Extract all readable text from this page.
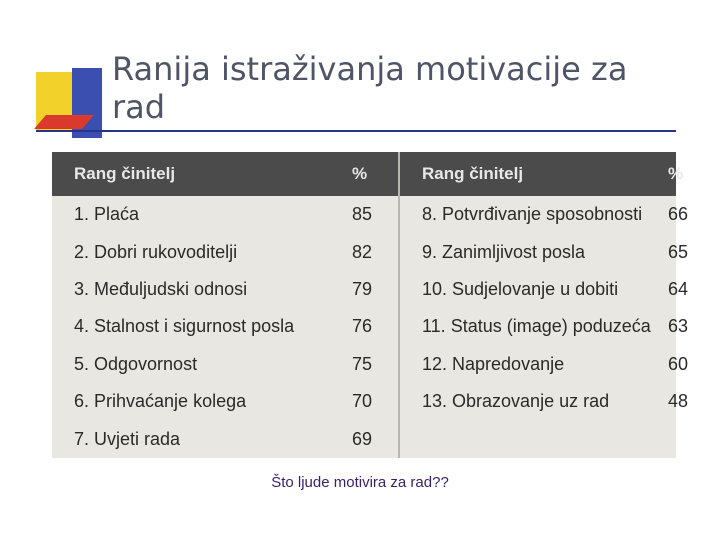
Ranija istraživanja motivacije za rad
Rang činitelj	%	Rang činitelj	%
1. Plaća	85	8. Potvrđivanje sposobnosti	66
2. Dobri rukovoditelji	82	9. Zanimljivost posla	65
3. Međuljudski odnosi	79	10. Sudjelovanje u dobiti	64
4. Stalnost i sigurnost posla	76	11. Status (image) poduzeća	63
5. Odgovornost	75	12. Napredovanje	60
6. Prihvaćanje kolega	70	13. Obrazovanje uz rad	48
7. Uvjeti rada	69		
Što ljude motivira za rad??
